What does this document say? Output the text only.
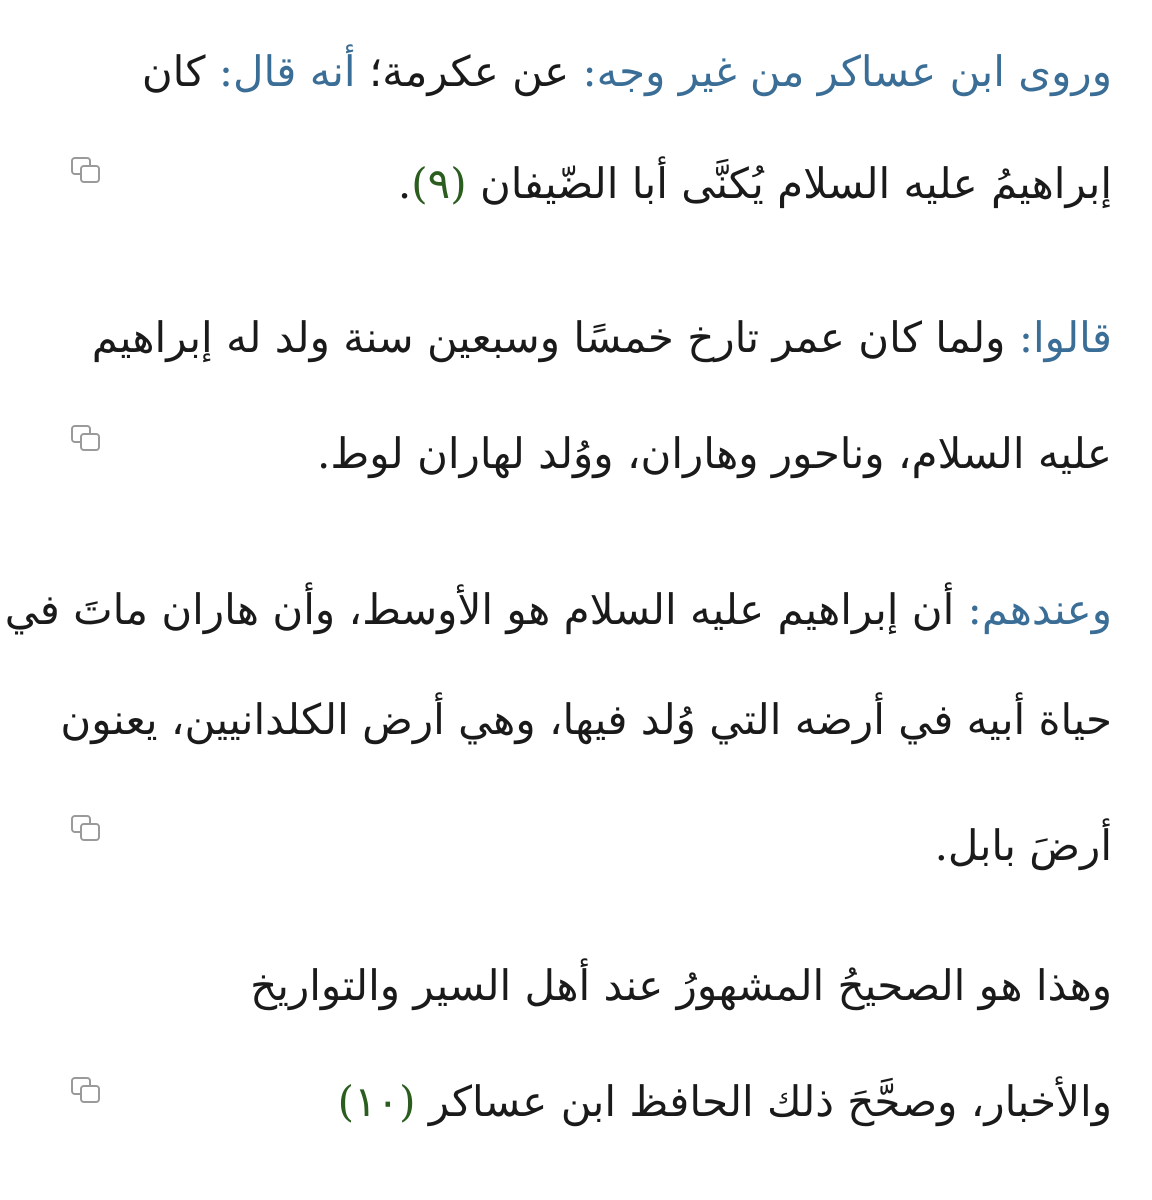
وروى ابن عساكر من غير وجه: عن عكرمة؛ أنه قال: كان
إبراهيمُ عليه السلام يُكنَّى أبا الضّيفان (٩).
قالوا: ولما كان عمر تارخ خمسًا وسبعين سنة ولد له إبراهيم
عليه السلام، وناحور وهاران، ووُلد لهاران لوط.
وعندهم: أن إبراهيم عليه السلام هو الأوسط، وأن هاران ماتَ في
حياة أبيه في أرضه التي وُلد فيها، وهي أرض الكلدانيين، يعنون
أرضَ بابل.
وهذا هو الصحيحُ المشهورُ عند أهل السير والتواريخ
والأخبار، وصحَّحَ ذلك الحافظ ابن عساكر (١٠)
